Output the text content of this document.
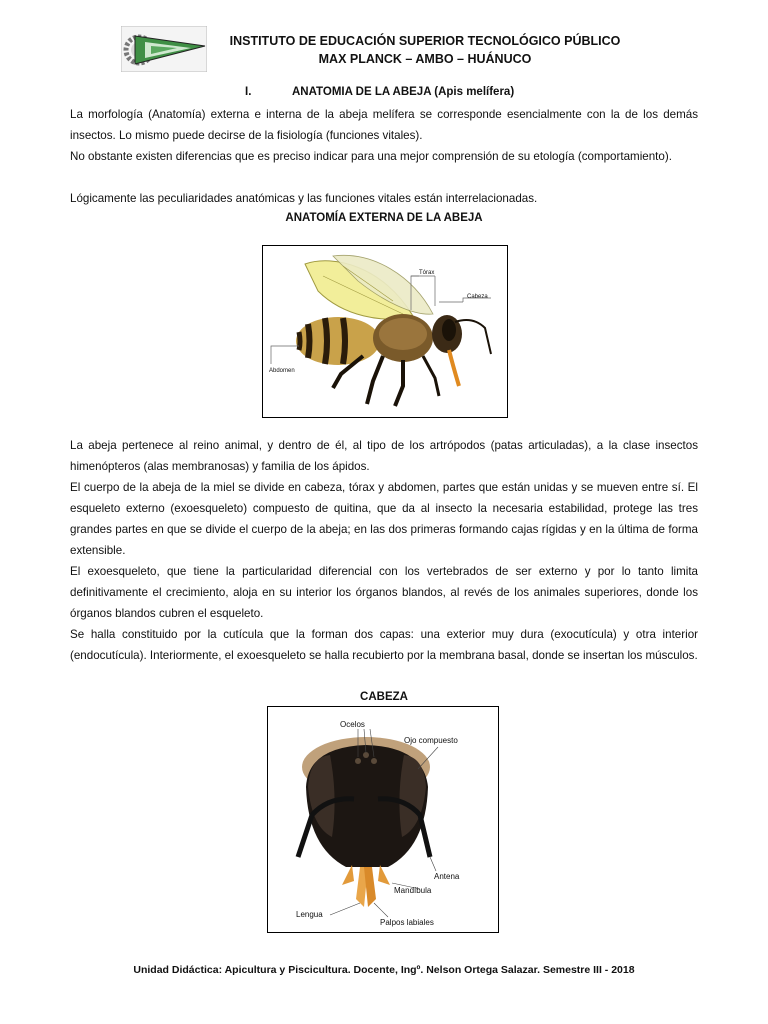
INSTITUTO DE EDUCACIÓN SUPERIOR TECNOLÓGICO PÚBLICO
MAX PLANCK – AMBO – HUÁNUCO
I.	ANATOMIA DE LA ABEJA (Apis melífera)
La morfología (Anatomía) externa e interna de la abeja melífera se corresponde esencialmente con la de los demás insectos. Lo mismo puede decirse de la fisiología (funciones vitales).
No obstante existen diferencias que es preciso indicar para una mejor comprensión de su etología (comportamiento).
Lógicamente las peculiaridades anatómicas y las funciones vitales están interrelacionadas.
ANATOMÍA EXTERNA DE LA ABEJA
Tórax
Cabeza
Abdomen
La abeja pertenece al reino animal, y dentro de él, al tipo de los artrópodos (patas articuladas), a la clase insectos himenópteros (alas membranosas) y familia de los ápidos.
El cuerpo de la abeja de la miel se divide en cabeza, tórax y abdomen, partes que están unidas y se mueven entre sí. El esqueleto externo (exoesqueleto) compuesto de quitina, que da al insecto la necesaria estabilidad, protege las tres grandes partes en que se divide el cuerpo de la abeja; en las dos primeras formando cajas rígidas y en la última de forma extensible.
El exoesqueleto, que tiene la particularidad diferencial con los vertebrados de ser externo y por lo tanto limita definitivamente el crecimiento, aloja en su interior los órganos blandos, al revés de los animales superiores, donde los órganos blandos cubren el esqueleto.
Se halla constituido por la cutícula que la forman dos capas: una exterior muy dura (exocutícula) y otra interior (endocutícula). Interiormente, el exoesqueleto se halla recubierto por la membrana basal, donde se insertan los músculos.
CABEZA
Ocelos
Ojo compuesto
Antena
Mandíbula
Lengua
Palpos labiales
Unidad Didáctica: Apicultura y Piscicultura. Docente, Ingº. Nelson Ortega Salazar. Semestre III - 2018
